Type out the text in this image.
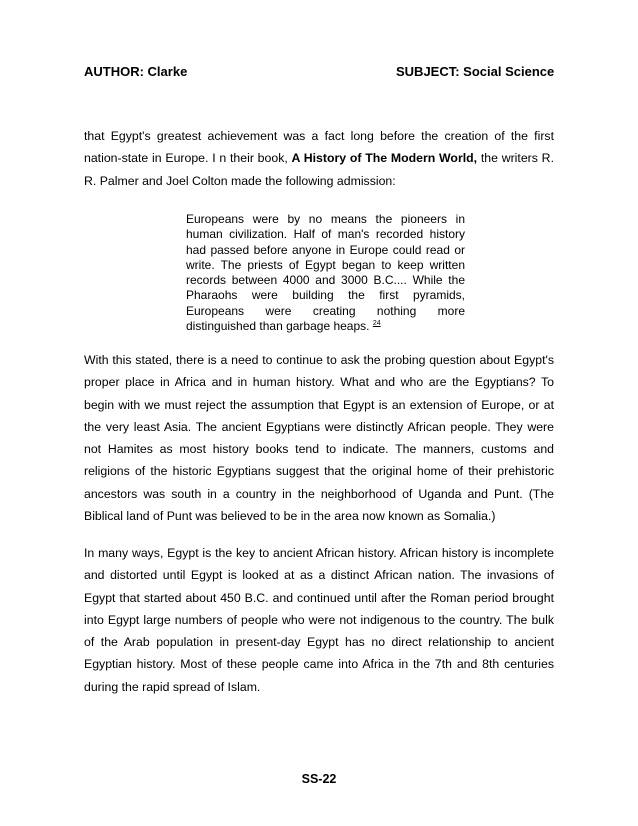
AUTHOR: Clarke	SUBJECT: Social Science

that Egypt's greatest achievement was a fact long before the creation of the first nation-state in Europe. I n their book, A History of The Modern World, the writers R. R. Palmer and Joel Colton made the following admission:

Europeans were by no means the pioneers in human civilization. Half of man's recorded history had passed before anyone in Europe could read or write. The priests of Egypt began to keep written records between 4000 and 3000 B.C.... While the Pharaohs were building the first pyramids, Europeans were creating nothing more distinguished than garbage heaps. $^{24}$

With this stated, there is a need to continue to ask the probing question about Egypt's proper place in Africa and in human history. What and who are the Egyptians? To begin with we must reject the assumption that Egypt is an extension of Europe, or at the very least Asia. The ancient Egyptians were distinctly African people. They were not Hamites as most history books tend to indicate. The manners, customs and religions of the historic Egyptians suggest that the original home of their prehistoric ancestors was south in a country in the neighborhood of Uganda and Punt. (The Biblical land of Punt was believed to be in the area now known as Somalia.)

In many ways, Egypt is the key to ancient African history. African history is incomplete and distorted until Egypt is looked at as a distinct African nation. The invasions of Egypt that started about 450 B.C. and continued until after the Roman period brought into Egypt large numbers of people who were not indigenous to the country. The bulk of the Arab population in present-day Egypt has no direct relationship to ancient Egyptian history. Most of these people came into Africa in the 7th and 8th centuries during the rapid spread of Islam.

SS-22
